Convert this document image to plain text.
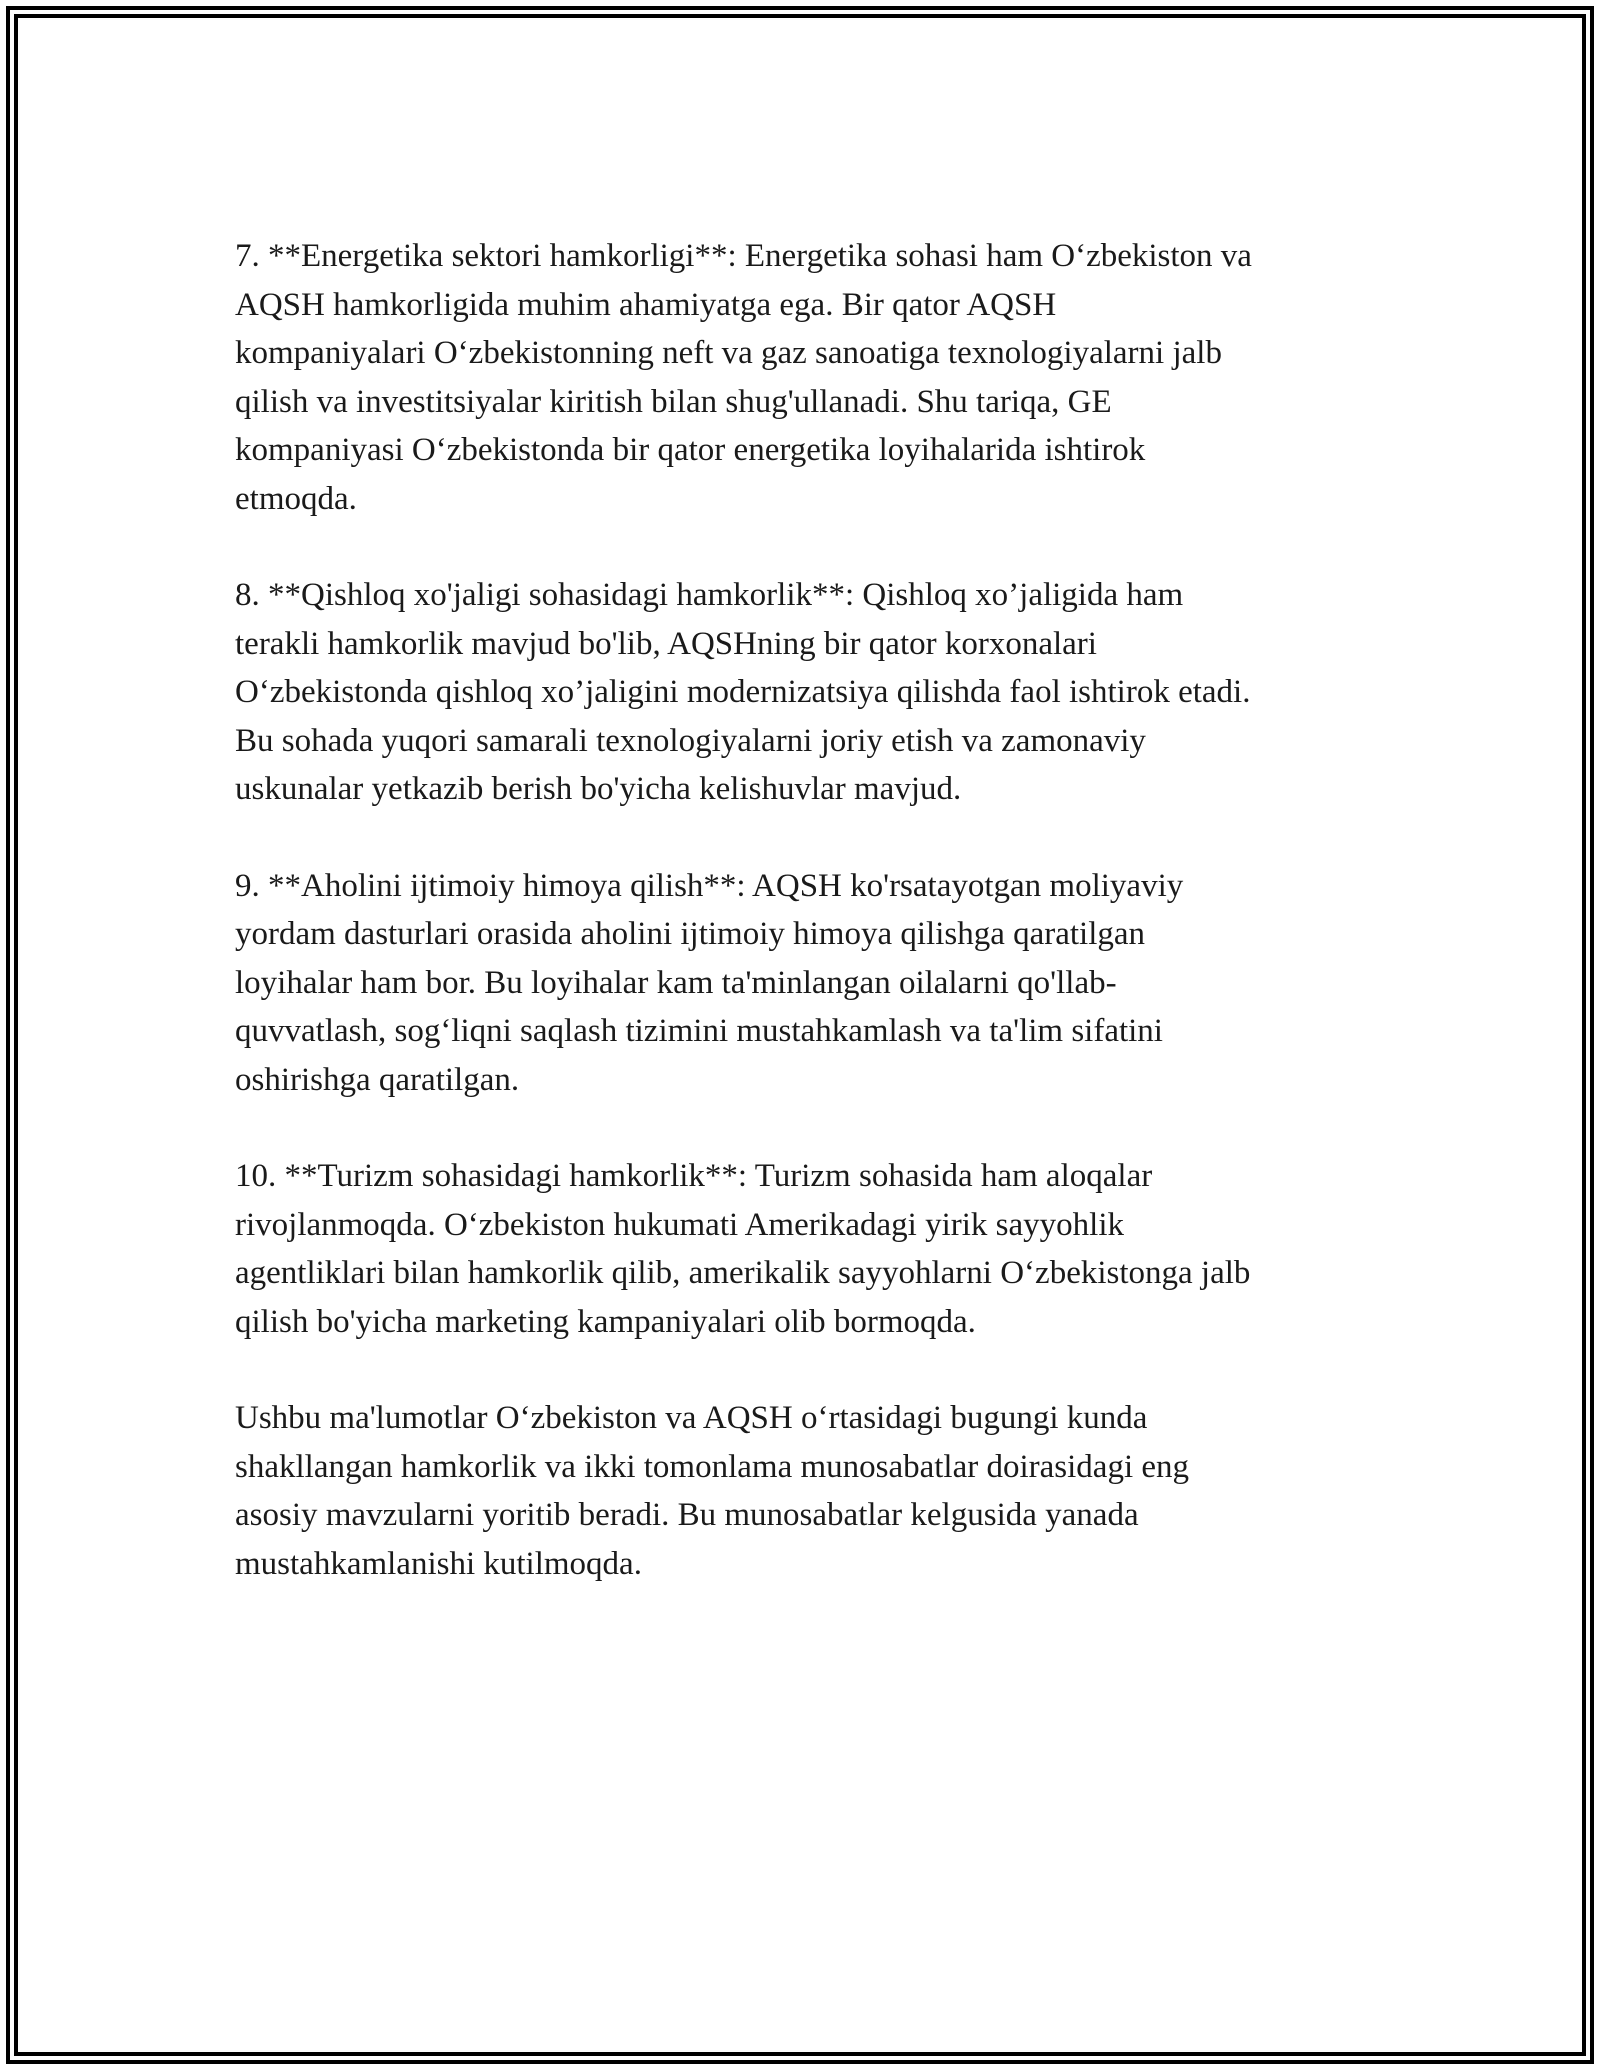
7. **Energetika sektori hamkorligi**: Energetika sohasi ham O‘zbekiston va
AQSH hamkorligida muhim ahamiyatga ega. Bir qator AQSH
kompaniyalari O‘zbekistonning neft va gaz sanoatiga texnologiyalarni jalb
qilish va investitsiyalar kiritish bilan shug'ullanadi. Shu tariqa, GE
kompaniyasi O‘zbekistonda bir qator energetika loyihalarida ishtirok
etmoqda.

8. **Qishloq xo'jaligi sohasidagi hamkorlik**: Qishloq xo’jaligida ham
terakli hamkorlik mavjud bo'lib, AQSHning bir qator korxonalari
O‘zbekistonda qishloq xo’jaligini modernizatsiya qilishda faol ishtirok etadi.
Bu sohada yuqori samarali texnologiyalarni joriy etish va zamonaviy
uskunalar yetkazib berish bo'yicha kelishuvlar mavjud.

9. **Aholini ijtimoiy himoya qilish**: AQSH ko'rsatayotgan moliyaviy
yordam dasturlari orasida aholini ijtimoiy himoya qilishga qaratilgan
loyihalar ham bor. Bu loyihalar kam ta'minlangan oilalarni qo'llab-
quvvatlash, sog‘liqni saqlash tizimini mustahkamlash va ta'lim sifatini
oshirishga qaratilgan.

10. **Turizm sohasidagi hamkorlik**: Turizm sohasida ham aloqalar
rivojlanmoqda. O‘zbekiston hukumati Amerikadagi yirik sayyohlik
agentliklari bilan hamkorlik qilib, amerikalik sayyohlarni O‘zbekistonga jalb
qilish bo'yicha marketing kampaniyalari olib bormoqda.

Ushbu ma'lumotlar O‘zbekiston va AQSH o‘rtasidagi bugungi kunda
shakllangan hamkorlik va ikki tomonlama munosabatlar doirasidagi eng
asosiy mavzularni yoritib beradi. Bu munosabatlar kelgusida yanada
mustahkamlanishi kutilmoqda.
